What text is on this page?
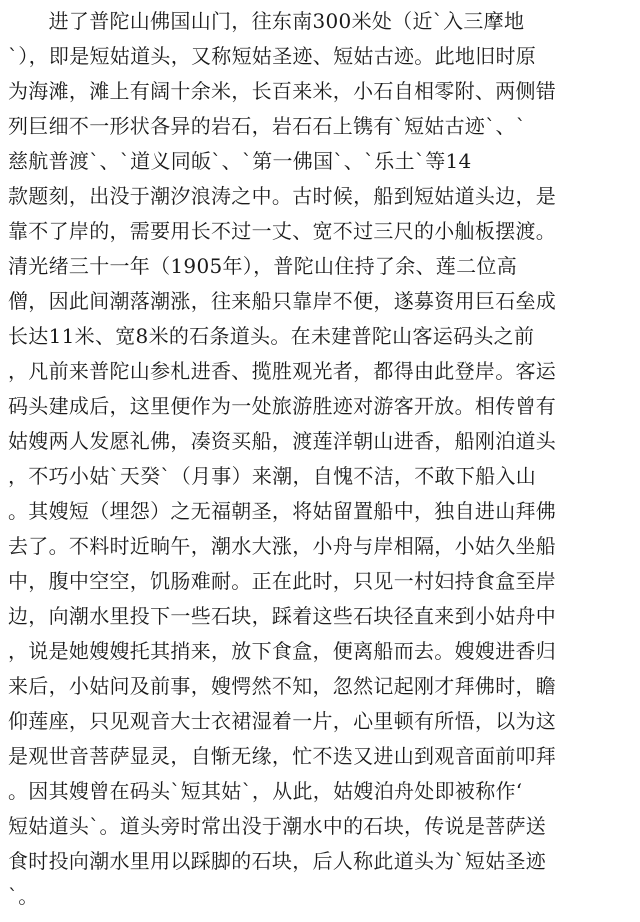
　　进了普陀山佛国山门，往东南300米处（近`入三摩地
`），即是短姑道头，又称短姑圣迹、短姑古迹。此地旧时原
为海滩，滩上有阔十余米，长百来米，小石自相零附、两侧错
列巨细不一形状各异的岩石，岩石石上镌有`短姑古迹`、`
慈航普渡`、`道义同皈`、`第一佛国`、`乐土`等14
款题刻，出没于潮汐浪涛之中。古时候，船到短姑道头边，是
靠不了岸的，需要用长不过一丈、宽不过三尺的小舢板摆渡。
清光绪三十一年（1905年），普陀山住持了余、莲二位高
僧，因此间潮落潮涨，往来船只靠岸不便，遂募资用巨石垒成
长达11米、宽8米的石条道头。在未建普陀山客运码头之前
，凡前来普陀山参札进香、揽胜观光者，都得由此登岸。客运
码头建成后，这里便作为一处旅游胜迹对游客开放。相传曾有
姑嫂两人发愿礼佛，凑资买船，渡莲洋朝山进香，船刚泊道头
，不巧小姑`天癸`（月事）来潮，自愧不洁，不敢下船入山
。其嫂短（埋怨）之无福朝圣，将姑留置船中，独自进山拜佛
去了。不料时近晌午，潮水大涨，小舟与岸相隔，小姑久坐船
中，腹中空空，饥肠难耐。正在此时，只见一村妇持食盒至岸
边，向潮水里投下一些石块，踩着这些石块径直来到小姑舟中
，说是她嫂嫂托其捎来，放下食盒，便离船而去。嫂嫂进香归
来后，小姑问及前事，嫂愕然不知，忽然记起刚才拜佛时，瞻
仰莲座，只见观音大士衣裙湿着一片，心里顿有所悟，以为这
是观世音菩萨显灵，自惭无缘，忙不迭又进山到观音面前叩拜
。因其嫂曾在码头`短其姑`，从此，姑嫂泊舟处即被称作‘
短姑道头`。道头旁时常出没于潮水中的石块，传说是菩萨送
食时投向潮水里用以踩脚的石块，后人称此道头为`短姑圣迹
`。
